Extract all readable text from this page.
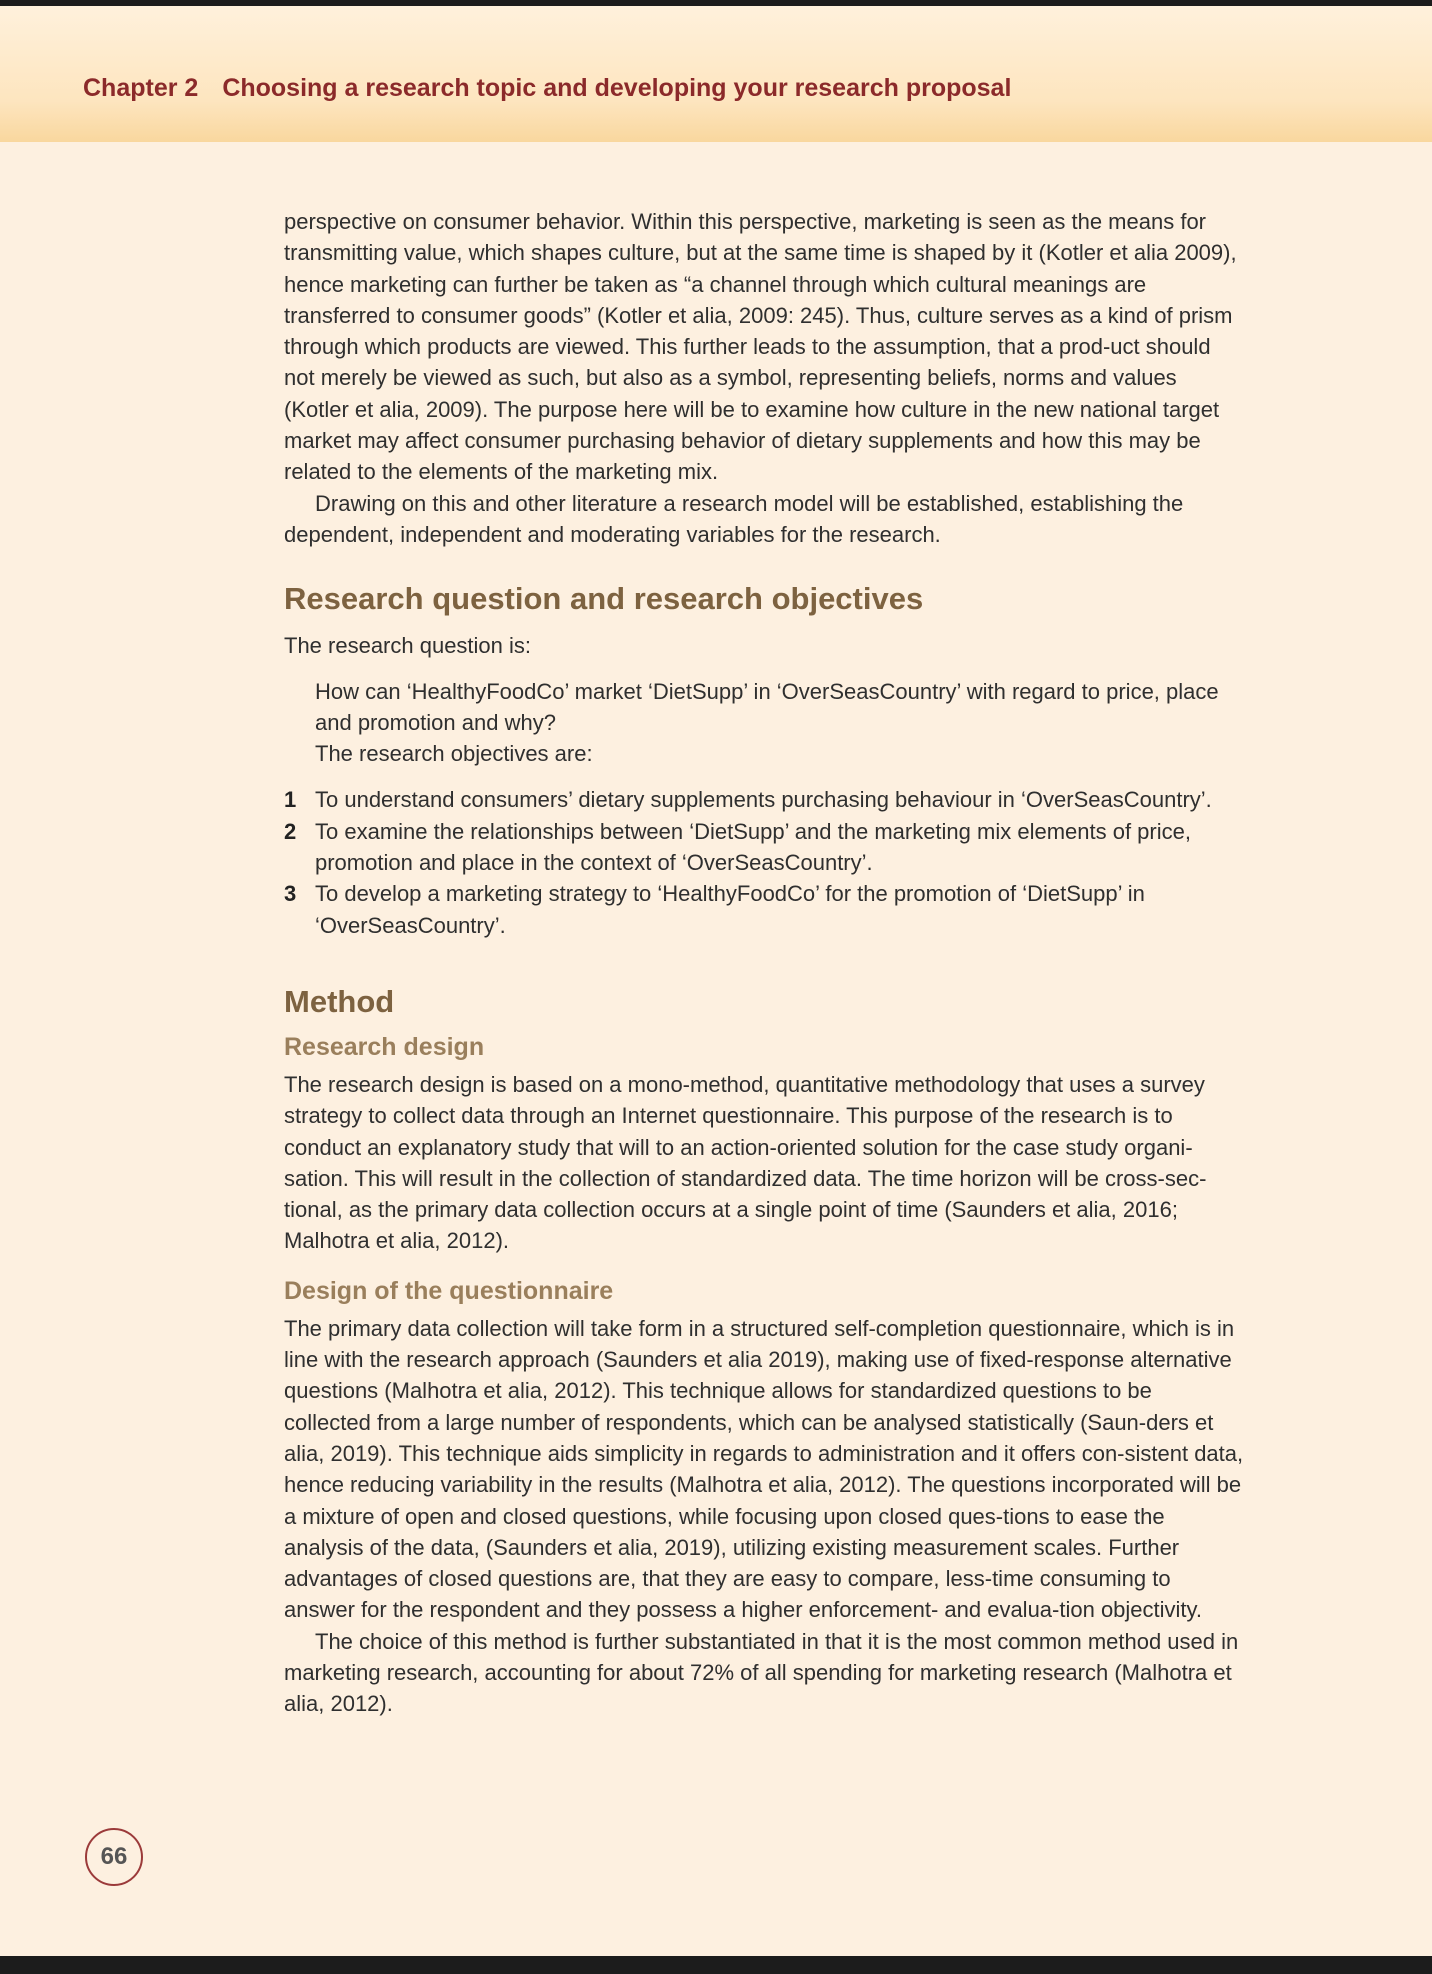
Chapter 2 Choosing a research topic and developing your research proposal

perspective on consumer behavior. Within this perspective, marketing is seen as the means for transmitting value, which shapes culture, but at the same time is shaped by it (Kotler et alia 2009), hence marketing can further be taken as “a channel through which cultural meanings are transferred to consumer goods” (Kotler et alia, 2009: 245). Thus, culture serves as a kind of prism through which products are viewed. This further leads to the assumption, that a prod-uct should not merely be viewed as such, but also as a symbol, representing beliefs, norms and values (Kotler et alia, 2009). The purpose here will be to examine how culture in the new national target market may affect consumer purchasing behavior of dietary supplements and how this may be related to the elements of the marketing mix.

Drawing on this and other literature a research model will be established, establishing the dependent, independent and moderating variables for the research.

Research question and research objectives

The research question is:

How can ‘HealthyFoodCo’ market ‘DietSupp’ in ‘OverSeasCountry’ with regard to price, place and promotion and why?

The research objectives are:

1 To understand consumers’ dietary supplements purchasing behaviour in ‘OverSeasCountry’.
2 To examine the relationships between ‘DietSupp’ and the marketing mix elements of price, promotion and place in the context of ‘OverSeasCountry’.
3 To develop a marketing strategy to ‘HealthyFoodCo’ for the promotion of ‘DietSupp’ in ‘OverSeasCountry’.
Method
Research design

The research design is based on a mono-method, quantitative methodology that uses a survey strategy to collect data through an Internet questionnaire. This purpose of the research is to conduct an explanatory study that will to an action-oriented solution for the case study organi-sation. This will result in the collection of standardized data. The time horizon will be cross-sec-tional, as the primary data collection occurs at a single point of time (Saunders et alia, 2016; Malhotra et alia, 2012).

Design of the questionnaire

The primary data collection will take form in a structured self-completion questionnaire, which is in line with the research approach (Saunders et alia 2019), making use of fixed-response alternative questions (Malhotra et alia, 2012). This technique allows for standardized questions to be collected from a large number of respondents, which can be analysed statistically (Saun-ders et alia, 2019). This technique aids simplicity in regards to administration and it offers con-sistent data, hence reducing variability in the results (Malhotra et alia, 2012). The questions incorporated will be a mixture of open and closed questions, while focusing upon closed ques-tions to ease the analysis of the data, (Saunders et alia, 2019), utilizing existing measurement scales. Further advantages of closed questions are, that they are easy to compare, less-time consuming to answer for the respondent and they possess a higher enforcement- and evalua-tion objectivity.

The choice of this method is further substantiated in that it is the most common method used in marketing research, accounting for about 72% of all spending for marketing research (Malhotra et alia, 2012).

66
